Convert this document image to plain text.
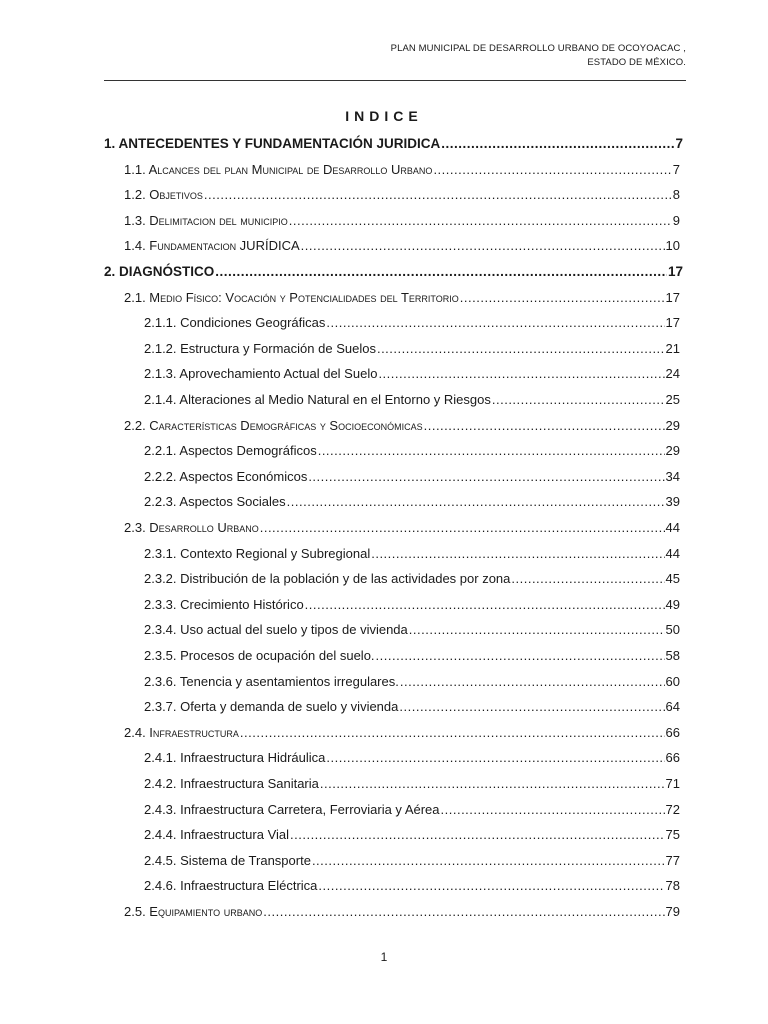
PLAN MUNICIPAL DE DESARROLLO URBANO DE OCOYOACAC ,
ESTADO DE MÉXICO.
INDICE
1. ANTECEDENTES Y FUNDAMENTACIÓN JURIDICA .....	7
1.1. Alcances del plan Municipal de Desarrollo Urbano .....	7
1.2. Objetivos .....	8
1.3. Delimitacion del municipio .....	9
1.4. Fundamentacion JURÍDICA .....	10
2. DIAGNÓSTICO .....	17
2.1. Medio Físico: Vocación y Potencialidades del Territorio .....	17
2.1.1. Condiciones Geográficas .....	17
2.1.2. Estructura y Formación de Suelos .....	21
2.1.3. Aprovechamiento Actual del Suelo .....	24
2.1.4. Alteraciones al Medio Natural en el Entorno y Riesgos .....	25
2.2. Características Demográficas y Socioeconómicas .....	29
2.2.1. Aspectos Demográficos .....	29
2.2.2. Aspectos Económicos .....	34
2.2.3. Aspectos Sociales .....	39
2.3. Desarrollo Urbano .....	44
2.3.1. Contexto Regional y Subregional .....	44
2.3.2. Distribución de la población y de las actividades por zona .....	45
2.3.3. Crecimiento Histórico .....	49
2.3.4. Uso actual del suelo y tipos de vivienda .....	50
2.3.5. Procesos de ocupación del suelo. .....	58
2.3.6. Tenencia y asentamientos irregulares. .....	60
2.3.7. Oferta y demanda de suelo y vivienda .....	64
2.4. Infraestructura .....	66
2.4.1. Infraestructura Hidráulica .....	66
2.4.2. Infraestructura Sanitaria .....	71
2.4.3. Infraestructura Carretera, Ferroviaria y Aérea .....	72
2.4.4. Infraestructura Vial .....	75
2.4.5. Sistema de Transporte .....	77
2.4.6. Infraestructura Eléctrica .....	78
2.5. Equipamiento urbano .....	79
1
